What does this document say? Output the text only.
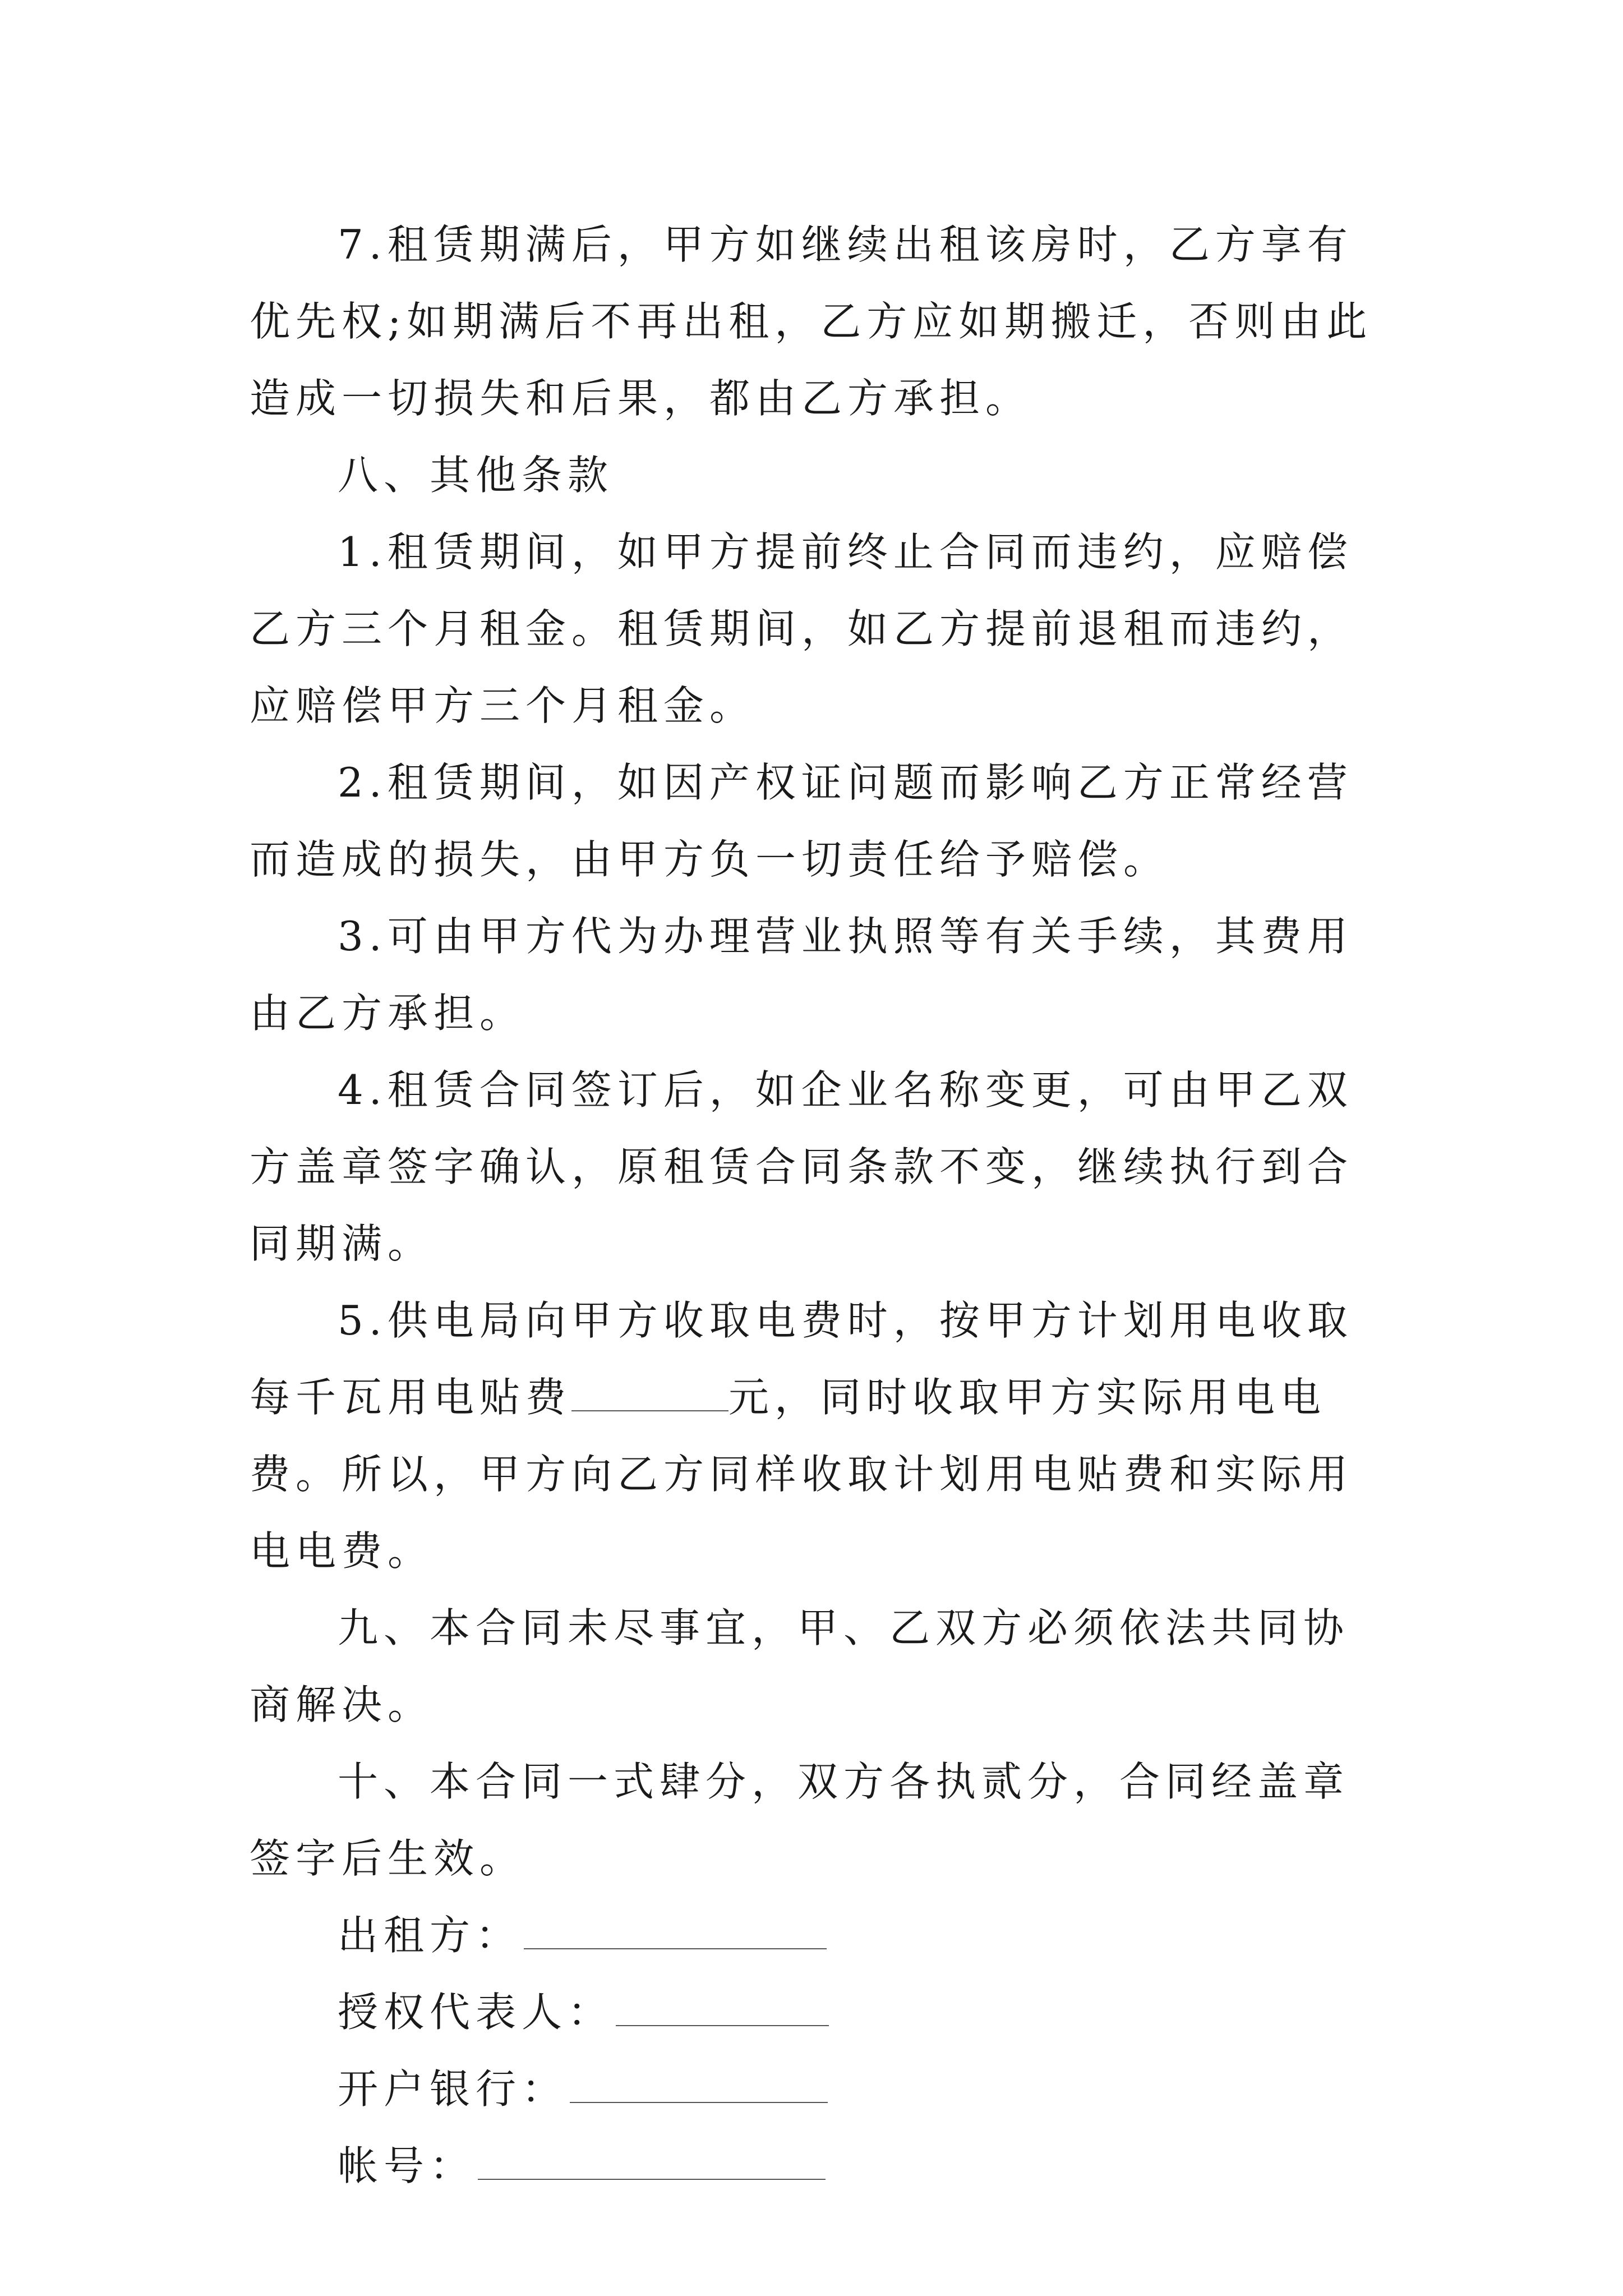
7.租赁期满后，甲方如继续出租该房时，乙方享有优先权;如期满后不再出租，乙方应如期搬迁，否则由此造成一切损失和后果，都由乙方承担。

八、其他条款

1.租赁期间，如甲方提前终止合同而违约，应赔偿乙方三个月租金。租赁期间，如乙方提前退租而违约，应赔偿甲方三个月租金。

2.租赁期间，如因产权证问题而影响乙方正常经营而造成的损失，由甲方负一切责任给予赔偿。

3.可由甲方代为办理营业执照等有关手续，其费用由乙方承担。

4.租赁合同签订后，如企业名称变更，可由甲乙双方盖章签字确认，原租赁合同条款不变，继续执行到合同期满。

5.供电局向甲方收取电费时，按甲方计划用电收取每千瓦用电贴费	元，同时收取甲方实际用电电费。所以，甲方向乙方同样收取计划用电贴费和实际用电电费。

九、本合同未尽事宜，甲、乙双方必须依法共同协商解决。

十、本合同一式肆分，双方各执贰分，合同经盖章签字后生效。

出租方：
授权代表人：
开户银行：
帐号：
